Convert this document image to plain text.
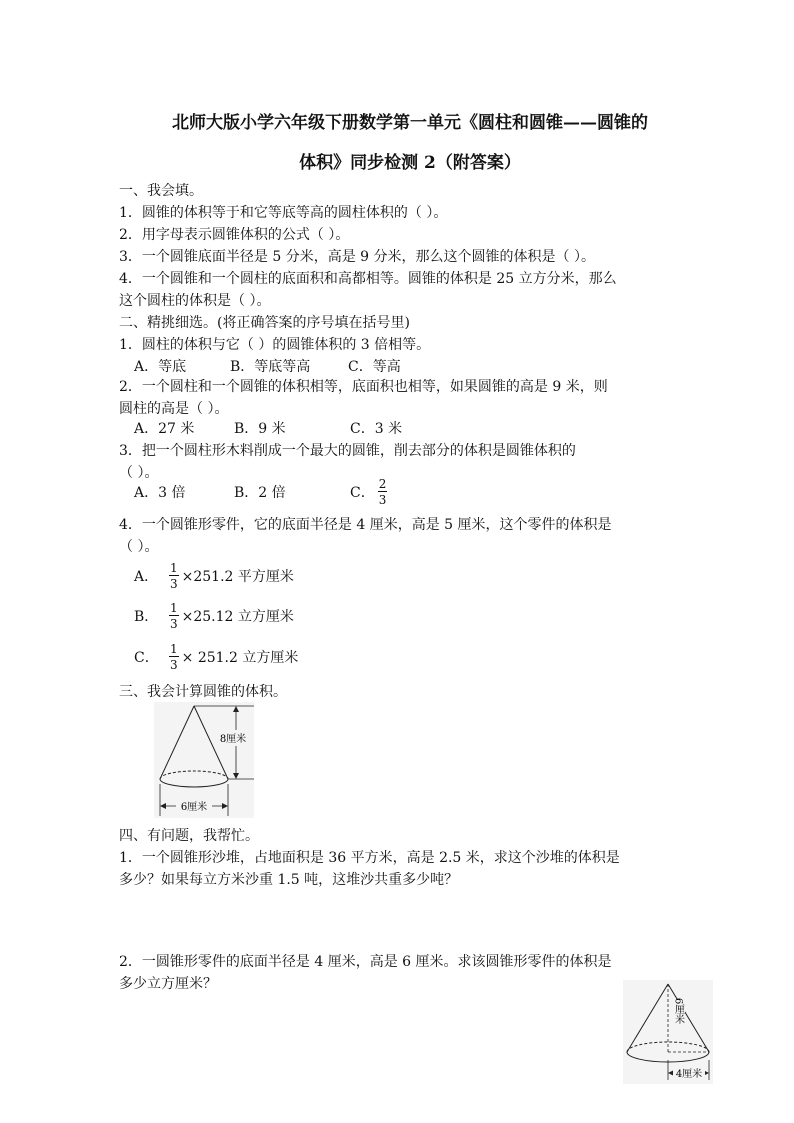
北师大版小学六年级下册数学第一单元《圆柱和圆锥——圆锥的
体积》同步检测 2（附答案）
一、我会填。
1．圆锥的体积等于和它等底等高的圆柱体积的（ ）。
2．用字母表示圆锥体积的公式（ ）。
3．一个圆锥底面半径是 5 分米，高是 9 分米，那么这个圆锥的体积是（ ）。
4．一个圆锥和一个圆柱的底面积和高都相等。圆锥的体积是 25 立方分米，那么
这个圆柱的体积是（ ）。
二、精挑细选。(将正确答案的序号填在括号里)
1．圆柱的体积与它（ ）的圆锥体积的 3 倍相等。
A．等底	B．等底等高	C．等高
2．一个圆柱和一个圆锥的体积相等，底面积也相等，如果圆锥的高是 9 米，则
圆柱的高是（ ）。
A．27 米	B．9 米	C．3 米
3．把一个圆柱形木料削成一个最大的圆锥，削去部分的体积是圆锥体积的
（ ）。
A．3 倍	B．2 倍	C． $\frac{2}{3}$
4．一个圆锥形零件，它的底面半径是 4 厘米，高是 5 厘米，这个零件的体积是
（ ）。
A． $\frac{1}{3} \times 251.2$ 平方厘米
B． $\frac{1}{3} \times 25.12$ 立方厘米
C． $\frac{1}{3} \times 251.2$ 立方厘米
三、我会计算圆锥的体积。
8厘米
6厘米
四、有问题，我帮忙。
1．一个圆锥形沙堆，占地面积是 36 平方米，高是 2.5 米，求这个沙堆的体积是
多少？如果每立方米沙重 1.5 吨，这堆沙共重多少吨？
2．一圆锥形零件的底面半径是 4 厘米，高是 6 厘米。求该圆锥形零件的体积是
多少立方厘米？
6厘米
4厘米
